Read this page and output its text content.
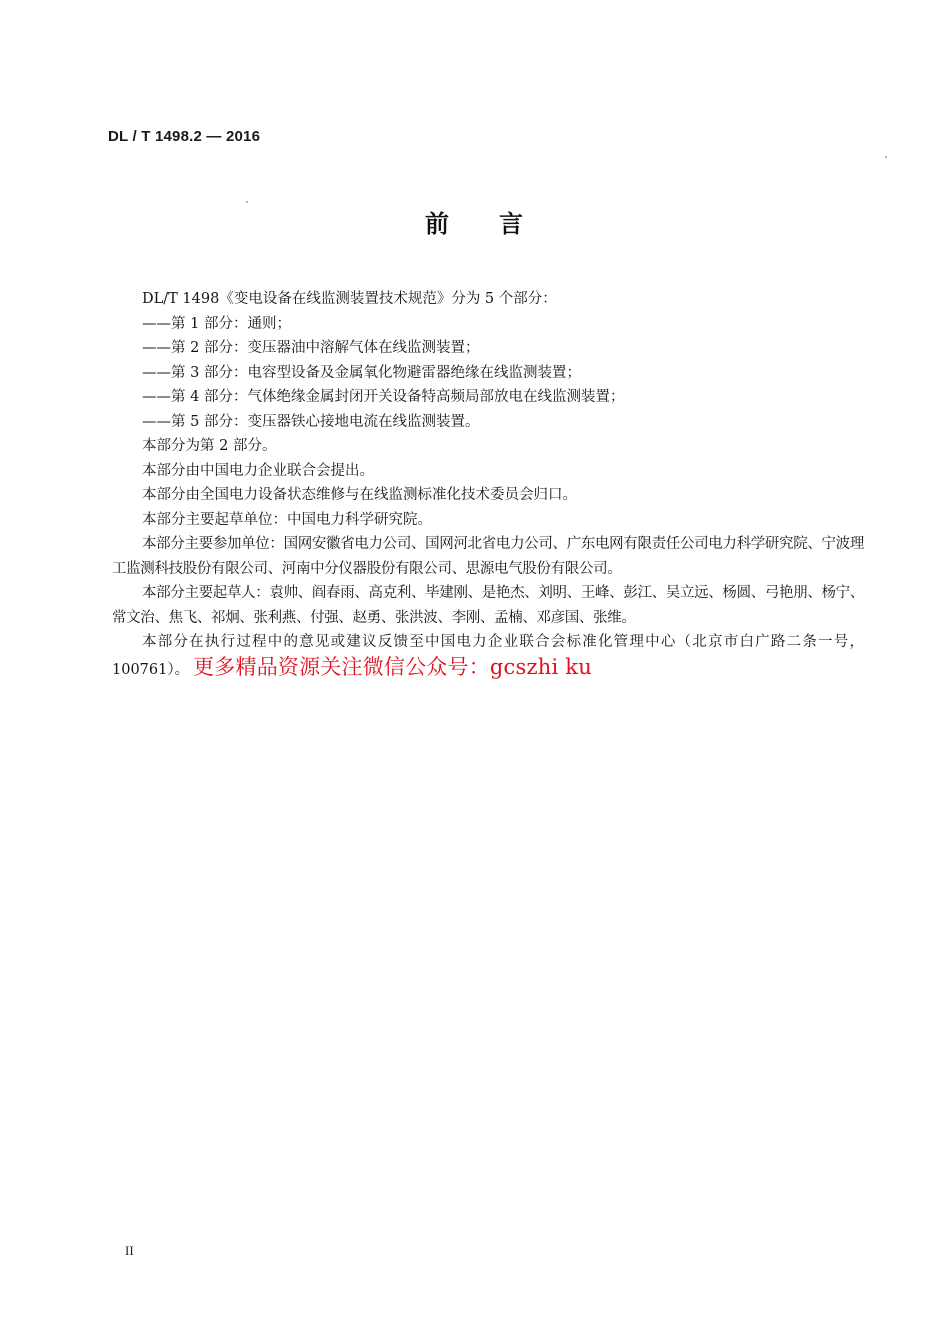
DL / T 1498.2 — 2016
前 言
DL/T 1498《变电设备在线监测装置技术规范》分为 5 个部分：
——第 1 部分：通则；
——第 2 部分：变压器油中溶解气体在线监测装置；
——第 3 部分：电容型设备及金属氧化物避雷器绝缘在线监测装置；
——第 4 部分：气体绝缘金属封闭开关设备特高频局部放电在线监测装置；
——第 5 部分：变压器铁心接地电流在线监测装置。
本部分为第 2 部分。
本部分由中国电力企业联合会提出。
本部分由全国电力设备状态维修与在线监测标准化技术委员会归口。
本部分主要起草单位：中国电力科学研究院。
本部分主要参加单位：国网安徽省电力公司、国网河北省电力公司、广东电网有限责任公司电力科学研究院、宁波理工监测科技股份有限公司、河南中分仪器股份有限公司、思源电气股份有限公司。
本部分主要起草人：袁帅、阎春雨、高克利、毕建刚、是艳杰、刘明、王峰、彭江、吴立远、杨圆、弓艳朋、杨宁、常文治、焦飞、祁炯、张利燕、付强、赵勇、张洪波、李刚、孟楠、邓彦国、张维。
本部分在执行过程中的意见或建议反馈至中国电力企业联合会标准化管理中心（北京市白广路二条一号，100761）。 更多精品资源关注微信公众号：gcszhi ku
II
